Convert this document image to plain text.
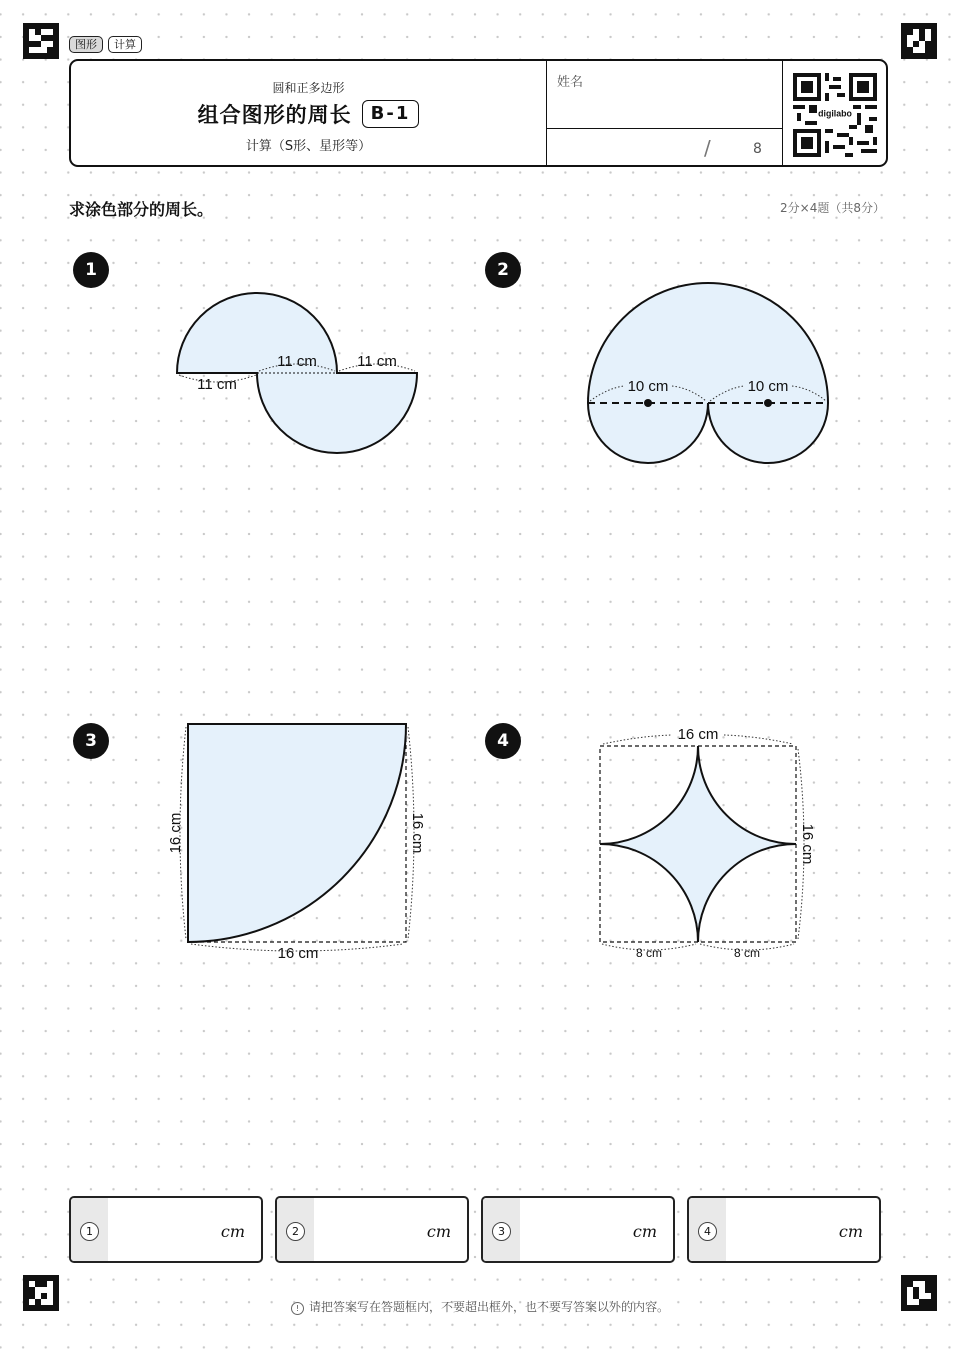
图形	计算
圆和正多边形
组合图形的周长	B-1
计算（S形、星形等）
姓名
/	8
digilabo
求涂色部分的周长。	2分×4题（共8分）
1	2
3	4
11 cm
11 cm	11 cm
10 cm	10 cm
16 cm	16 cm
16 cm
16 cm
16 cm
8 cm	8 cm
1	cm	2	cm	3	cm	4	cm
! 请把答案写在答题框内，不要超出框外，也不要写答案以外的内容。
